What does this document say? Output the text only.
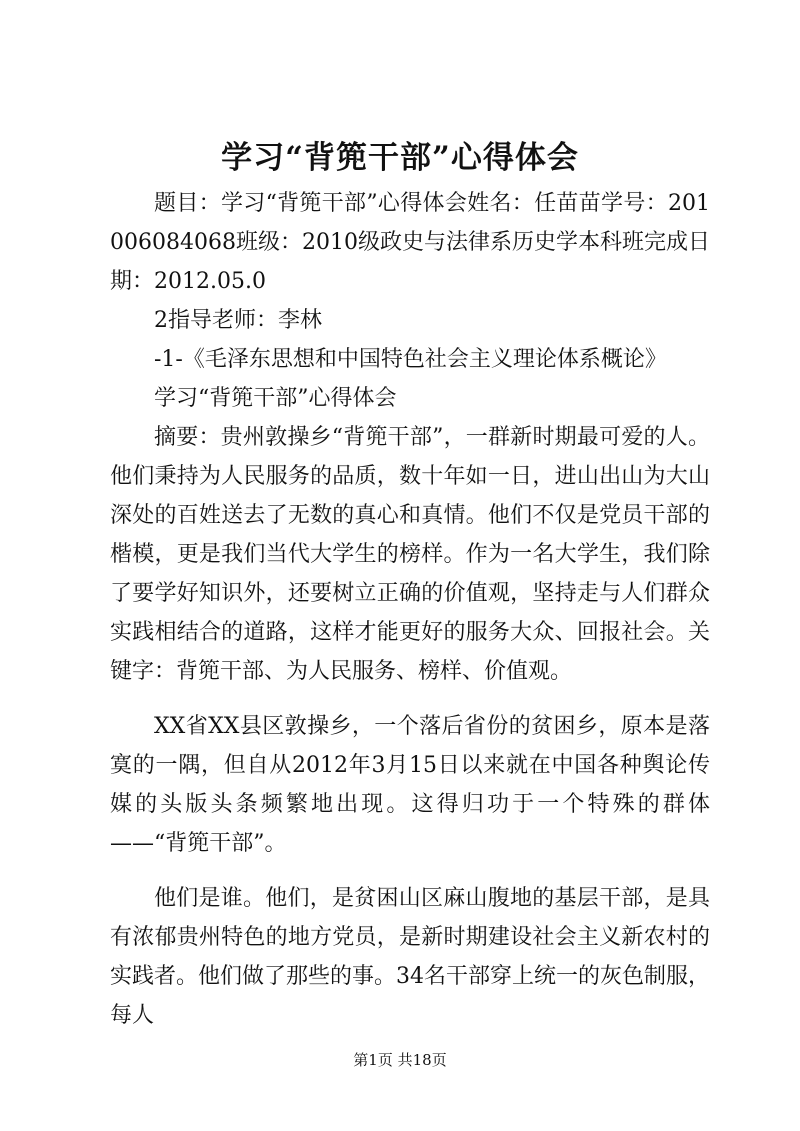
学习“背篼干部”心得体会

题目：学习“背篼干部”心得体会姓名：任苗苗学号：201006084068班级：2010级政史与法律系历史学本科班完成日期：2012.05.0

2指导老师：李林

-1-《毛泽东思想和中国特色社会主义理论体系概论》

学习“背篼干部”心得体会

摘要：贵州敦操乡“背篼干部”，一群新时期最可爱的人。他们秉持为人民服务的品质，数十年如一日，进山出山为大山深处的百姓送去了无数的真心和真情。他们不仅是党员干部的楷模，更是我们当代大学生的榜样。作为一名大学生，我们除了要学好知识外，还要树立正确的价值观，坚持走与人们群众实践相结合的道路，这样才能更好的服务大众、回报社会。关键字：背篼干部、为人民服务、榜样、价值观。

XX省XX县区敦操乡，一个落后省份的贫困乡，原本是落寞的一隅，但自从2012年3月15日以来就在中国各种舆论传媒的头版头条频繁地出现。这得归功于一个特殊的群体——“背篼干部”。

他们是谁。他们，是贫困山区麻山腹地的基层干部，是具有浓郁贵州特色的地方党员，是新时期建设社会主义新农村的实践者。他们做了那些的事。34名干部穿上统一的灰色制服，每人

第1页 共18页
